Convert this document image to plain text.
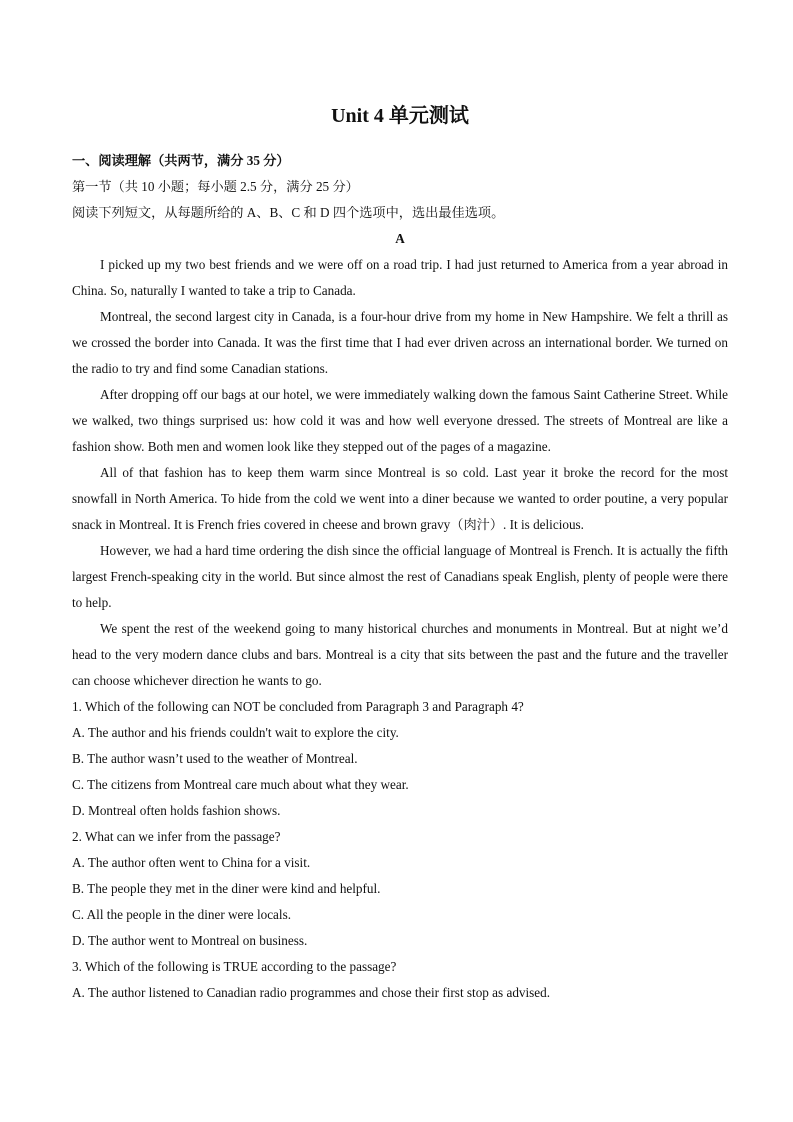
Unit 4 单元测试

一、阅读理解（共两节，满分 35 分）

第一节（共 10 小题；每小题 2.5 分，满分 25 分）

阅读下列短文，从每题所给的 A、B、C 和 D 四个选项中，选出最佳选项。

A

I picked up my two best friends and we were off on a road trip. I had just returned to America from a year abroad in China. So, naturally I wanted to take a trip to Canada.

Montreal, the second largest city in Canada, is a four-hour drive from my home in New Hampshire. We felt a thrill as we crossed the border into Canada. It was the first time that I had ever driven across an international border. We turned on the radio to try and find some Canadian stations.

After dropping off our bags at our hotel, we were immediately walking down the famous Saint Catherine Street. While we walked, two things surprised us: how cold it was and how well everyone dressed. The streets of Montreal are like a fashion show. Both men and women look like they stepped out of the pages of a magazine.

All of that fashion has to keep them warm since Montreal is so cold. Last year it broke the record for the most snowfall in North America. To hide from the cold we went into a diner because we wanted to order poutine, a very popular snack in Montreal. It is French fries covered in cheese and brown gravy（肉汁）. It is delicious.

However, we had a hard time ordering the dish since the official language of Montreal is French. It is actually the fifth largest French-speaking city in the world. But since almost the rest of Canadians speak English, plenty of people were there to help.

We spent the rest of the weekend going to many historical churches and monuments in Montreal. But at night we’d head to the very modern dance clubs and bars. Montreal is a city that sits between the past and the future and the traveller can choose whichever direction he wants to go.

1. Which of the following can NOT be concluded from Paragraph 3 and Paragraph 4?

A. The author and his friends couldn't wait to explore the city.

B. The author wasn’t used to the weather of Montreal.

C. The citizens from Montreal care much about what they wear.

D. Montreal often holds fashion shows.

2. What can we infer from the passage?

A. The author often went to China for a visit.

B. The people they met in the diner were kind and helpful.

C. All the people in the diner were locals.

D. The author went to Montreal on business.

3. Which of the following is TRUE according to the passage?

A. The author listened to Canadian radio programmes and chose their first stop as advised.
